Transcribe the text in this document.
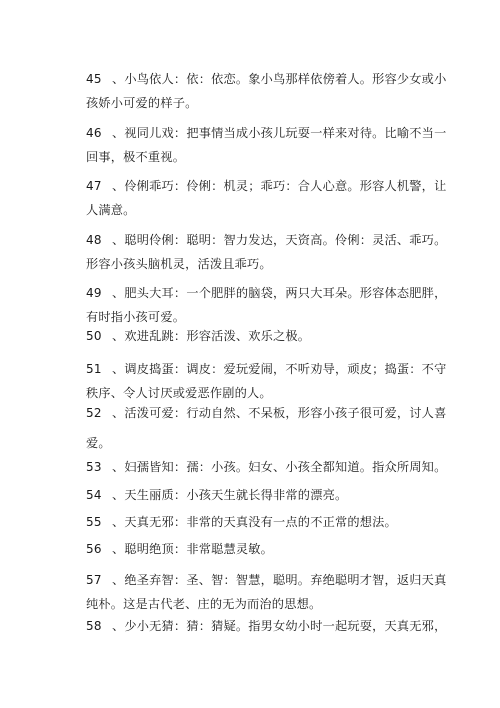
45 、小鸟依人：依：依恋。象小鸟那样依傍着人。形容少女或小
孩娇小可爱的样子。

46 、视同儿戏：把事情当成小孩儿玩耍一样来对待。比喻不当一
回事，极不重视。

47 、伶俐乖巧：伶俐：机灵；乖巧：合人心意。形容人机警，让
人满意。

48 、聪明伶俐：聪明：智力发达，天资高。伶俐：灵活、乖巧。
形容小孩头脑机灵，活泼且乖巧。

49 、肥头大耳：一个肥胖的脑袋，两只大耳朵。形容体态肥胖，
有时指小孩可爱。

50 、欢进乱跳：形容活泼、欢乐之极。

51 、调皮捣蛋：调皮：爱玩爱闹，不听劝导，顽皮；捣蛋：不守
秩序、令人讨厌或爱恶作剧的人。

52 、活泼可爱：行动自然、不呆板，形容小孩子很可爱，讨人喜
爱。

53 、妇孺皆知：孺：小孩。妇女、小孩全都知道。指众所周知。

54 、天生丽质：小孩天生就长得非常的漂亮。

55 、天真无邪：非常的天真没有一点的不正常的想法。

56 、聪明绝顶：非常聪慧灵敏。

57 、绝圣弃智：圣、智：智慧，聪明。弃绝聪明才智，返归天真
纯朴。这是古代老、庄的无为而治的思想。

58 、少小无猜：猜：猜疑。指男女幼小时一起玩耍，天真无邪，
